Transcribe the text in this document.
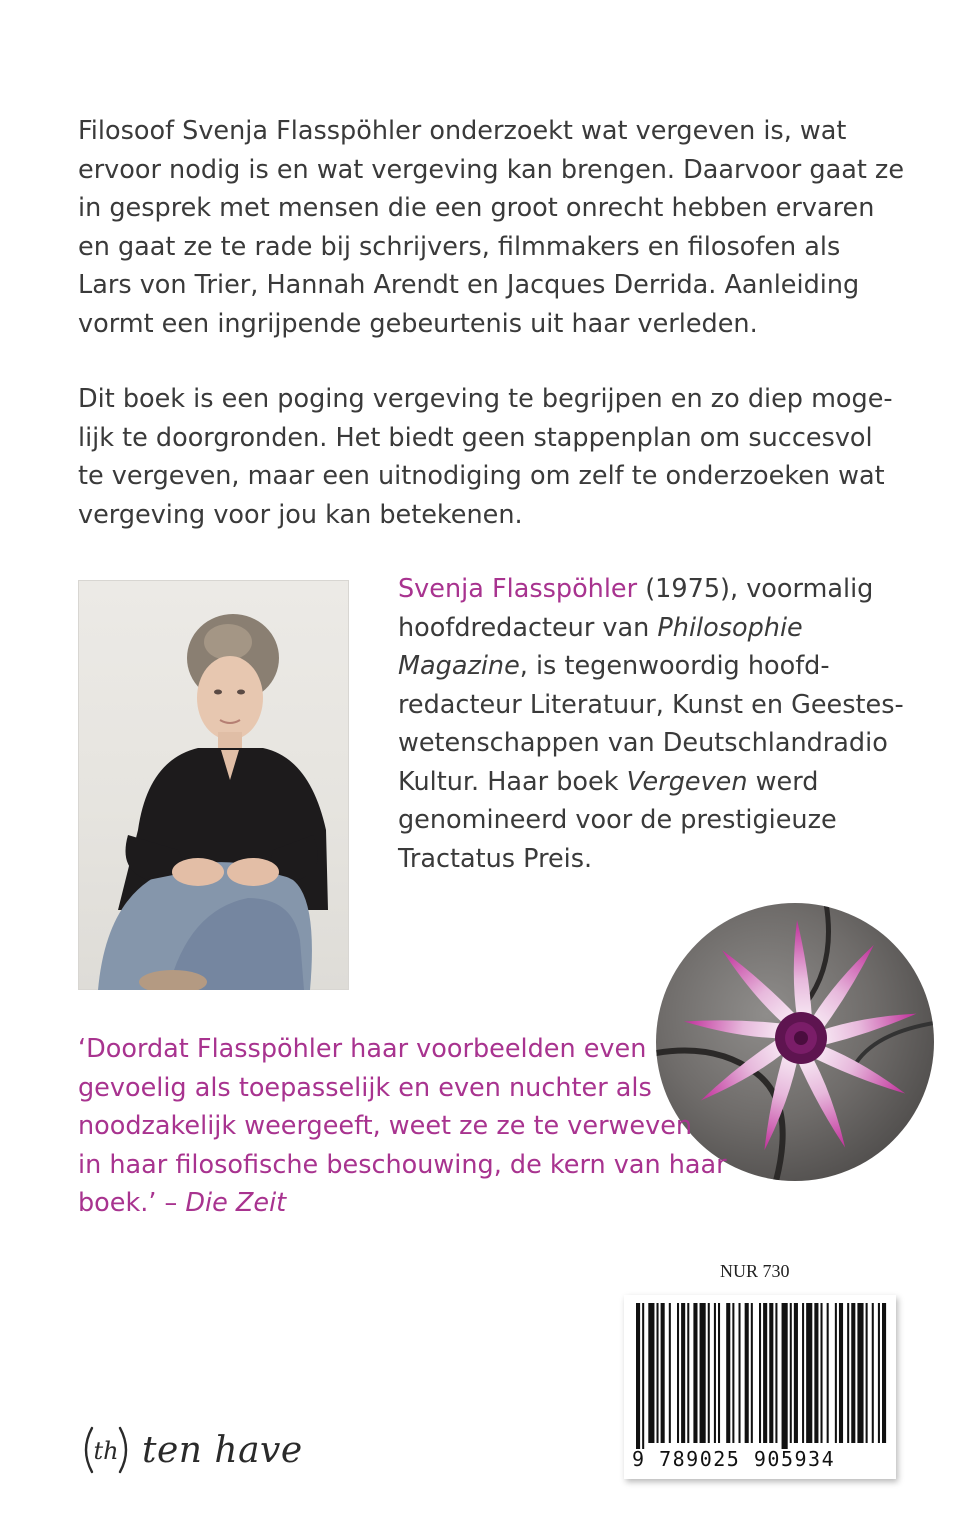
Filosoof Svenja Flasspöhler onderzoekt wat vergeven is, wat
ervoor nodig is en wat vergeving kan brengen. Daarvoor gaat ze
in gesprek met mensen die een groot onrecht hebben ervaren
en gaat ze te rade bij schrijvers, filmmakers en filosofen als
Lars von Trier, Hannah Arendt en Jacques Derrida. Aanleiding
vormt een ingrijpende gebeurtenis uit haar verleden.

Dit boek is een poging vergeving te begrijpen en zo diep moge-
lijk te doorgronden. Het biedt geen stappenplan om succesvol
te vergeven, maar een uitnodiging om zelf te onderzoeken wat
vergeving voor jou kan betekenen.

Svenja Flasspöhler (1975), voormalig
hoofdredacteur van Philosophie
Magazine, is tegenwoordig hoofd-
redacteur Literatuur, Kunst en Geestes-
wetenschappen van Deutschlandradio
Kultur. Haar boek Vergeven werd
genomineerd voor de prestigieuze
Tractatus Preis.

‘Doordat Flasspöhler haar voorbeelden even
gevoelig als toepasselijk en even nuchter als
noodzakelijk weergeeft, weet ze ze te verweven
in haar filosofische beschouwing, de kern van haar
boek.’ – Die Zeit

NUR 730
9 789025 905934
th ten have
